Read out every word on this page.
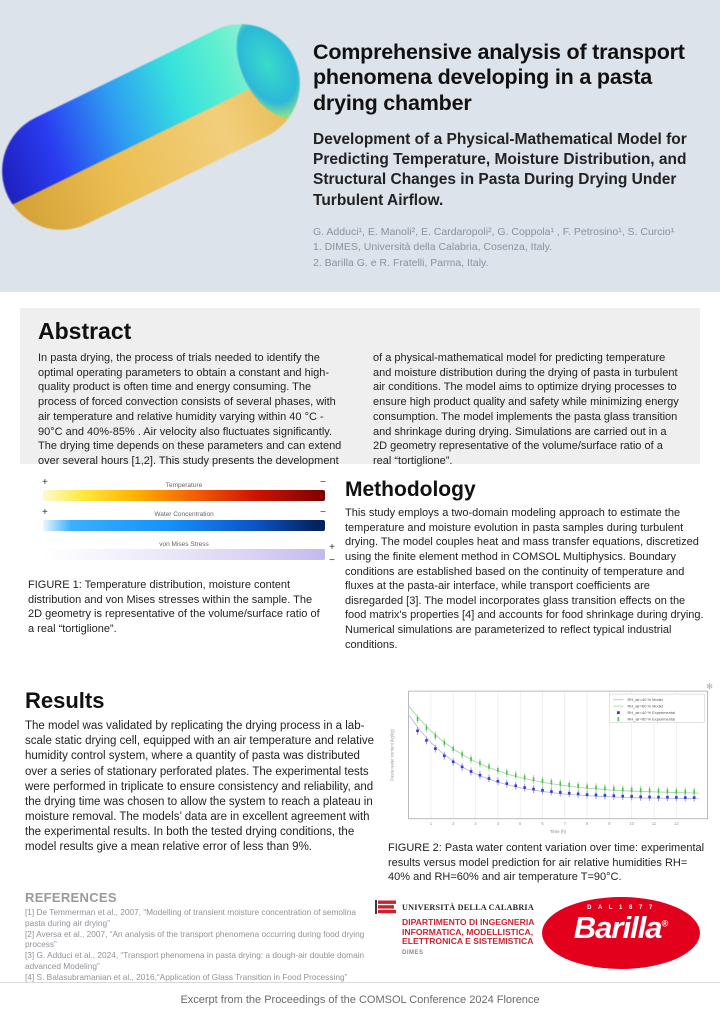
Comprehensive analysis of transport phenomena developing in a pasta drying chamber
Development of a Physical-Mathematical Model for Predicting Temperature, Moisture Distribution, and Structural Changes in Pasta During Drying Under Turbulent Airflow.

G. Adduci¹, E. Manoli², E. Cardaropoli², G. Coppola¹ , F. Petrosino¹, S. Curcio¹

1. DIMES, Università della Calabria, Cosenza, Italy.

2. Barilla G. e R. Fratelli, Parma, Italy.

Abstract

In pasta drying, the process of trials needed to identify the optimal operating parameters to obtain a constant and high-quality product is often time and energy consuming. The process of forced convection consists of several phases, with air temperature and relative humidity varying within 40 °C - 90°C and 40%-85% . Air velocity also fluctuates significantly. The drying time depends on these parameters and can extend over several hours [1,2]. This study presents the development

of a physical-mathematical model for predicting temperature and moisture distribution during the drying of pasta in turbulent air conditions. The model aims to optimize drying processes to ensure high product quality and safety while minimizing energy consumption. The model implements the pasta glass transition and shrinkage during drying. Simulations are carried out in a 2D geometry representative of the volume/surface ratio of a real “tortiglione”.

Temperature
+	−
Water Concentration
+	−
von Mises Stress	+
−

FIGURE 1: Temperature distribution, moisture content distribution and von Mises stresses within the sample. The 2D geometry is representative of the volume/surface ratio of a real “tortiglione”.

Methodology

This study employs a two-domain modeling approach to estimate the temperature and moisture evolution in pasta samples during turbulent drying. The model couples heat and mass transfer equations, discretized using the finite element method in COMSOL Multiphysics. Boundary conditions are established based on the continuity of temperature and fluxes at the pasta-air interface, while transport coefficients are disregarded [3]. The model incorporates glass transition effects on the food matrix's properties [4] and accounts for food shrinkage during drying. Numerical simulations are parameterized to reflect typical industrial conditions.

Results

The model was validated by replicating the drying process in a lab-scale static drying cell, equipped with an air temperature and relative humidity control system, where a quantity of pasta was distributed over a series of stationary perforated plates. The experimental tests were performed in triplicate to ensure consistency and reliability, and the drying time was chosen to allow the system to reach a plateau in moisture removal. The models’ data are in excellent agreement with the experimental results. In both the tested drying conditions, the model results give a mean relative error of less than 9%.

✻
1	2	3	4	5	6	7	8	9	10	11	12
RH_air=40 % Model
RH_air=60 % Model
RH_air=40 % Experimental
RH_air=60 % Experimental
Time (h)
Pasta water content (kg/kg)

FIGURE 2: Pasta water content variation over time: experimental results versus model prediction for air relative humidities RH= 40% and RH=60% and air temperature T=90°C.

REFERENCES

[1] De Temmerman et al., 2007, “Modelling of transient moisture concentration of semolina pasta during air drying”

[2] Aversa et al., 2007, “An analysis of the transport phenomena occurring during food drying process”

[3] G. Adduci et al., 2024, “Transport phenomena in pasta drying: a dough-air double domain advanced Modeling”

[4] S. Balasubramanian et al., 2016,“Application of Glass Transition in Food Processing”

UNIVERSITÀ DELLA CALABRIA
DIPARTIMENTO DI INGEGNERIA INFORMATICA, MODELLISTICA, ELETTRONICA E SISTEMISTICA
DIMES
D A L 1 8 7 7
Barilla®
Excerpt from the Proceedings of the COMSOL Conference 2024 Florence
